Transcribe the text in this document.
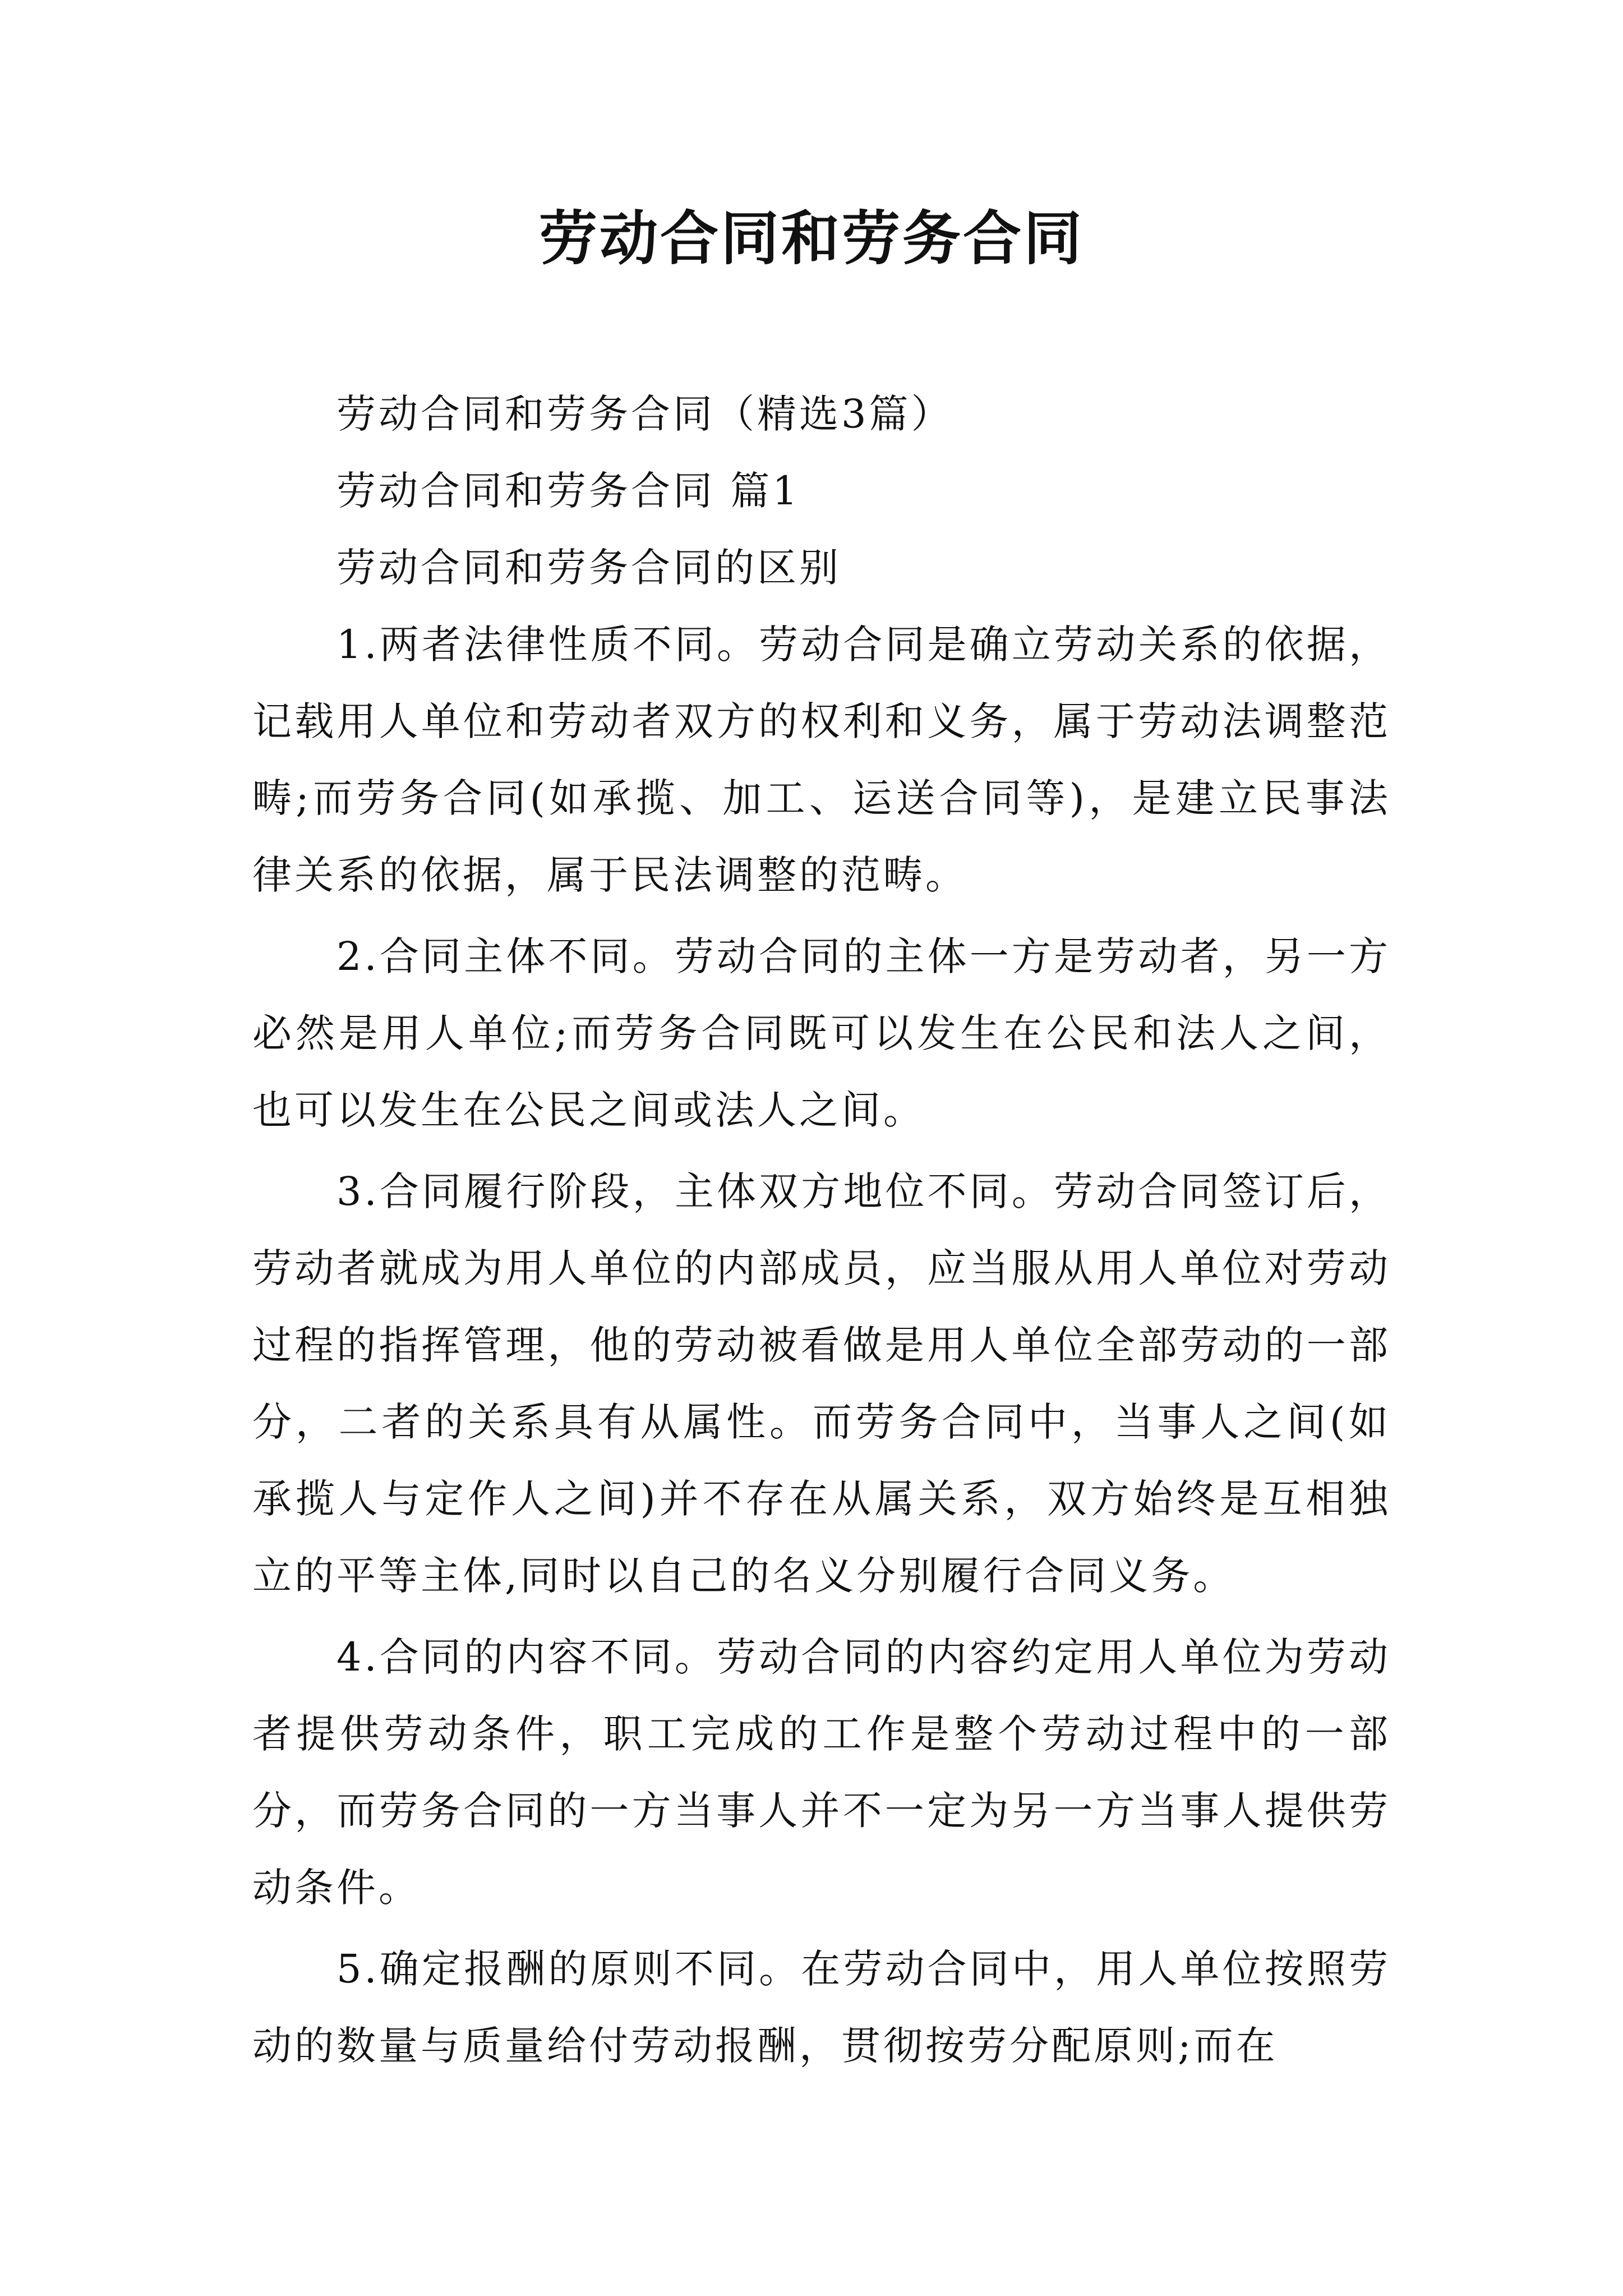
劳动合同和劳务合同

劳动合同和劳务合同（精选3篇）

劳动合同和劳务合同 篇1

劳动合同和劳务合同的区别

1.两者法律性质不同。劳动合同是确立劳动关系的依据，记载用人单位和劳动者双方的权利和义务，属于劳动法调整范畴;而劳务合同(如承揽、加工、运送合同等)，是建立民事法律关系的依据，属于民法调整的范畴。

2.合同主体不同。劳动合同的主体一方是劳动者，另一方必然是用人单位;而劳务合同既可以发生在公民和法人之间，也可以发生在公民之间或法人之间。

3.合同履行阶段，主体双方地位不同。劳动合同签订后，劳动者就成为用人单位的内部成员，应当服从用人单位对劳动过程的指挥管理，他的劳动被看做是用人单位全部劳动的一部分，二者的关系具有从属性。而劳务合同中，当事人之间(如承揽人与定作人之间)并不存在从属关系，双方始终是互相独立的平等主体,同时以自己的名义分别履行合同义务。

4.合同的内容不同。劳动合同的内容约定用人单位为劳动者提供劳动条件，职工完成的工作是整个劳动过程中的一部分，而劳务合同的一方当事人并不一定为另一方当事人提供劳动条件。

5.确定报酬的原则不同。在劳动合同中，用人单位按照劳动的数量与质量给付劳动报酬，贯彻按劳分配原则;而在
